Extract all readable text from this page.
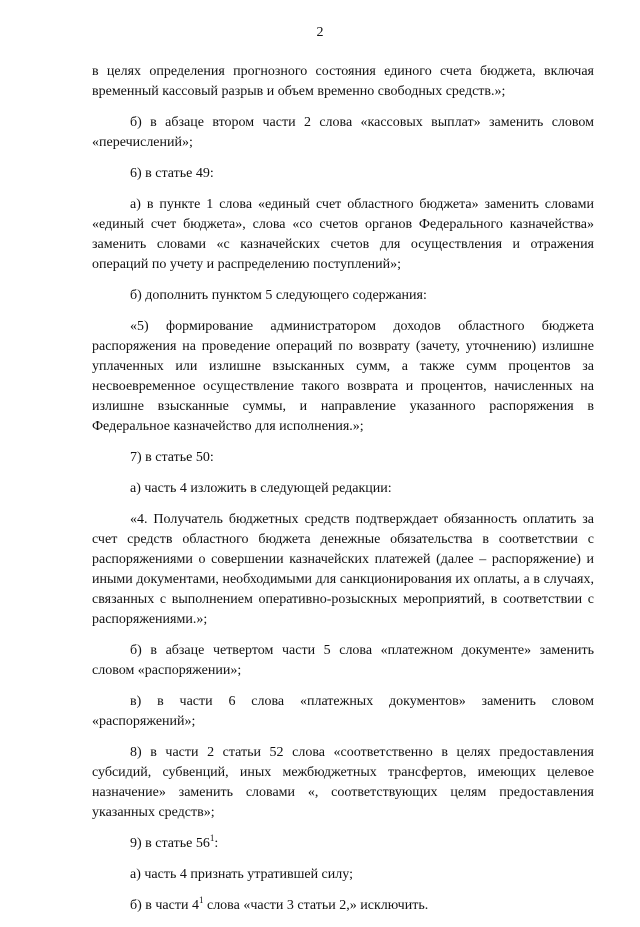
2

в целях определения прогнозного состояния единого счета бюджета, включая временный кассовый разрыв и объем временно свободных средств.»;

б) в абзаце втором части 2 слова «кассовых выплат» заменить словом «перечислений»;

6) в статье 49:

а) в пункте 1 слова «единый счет областного бюджета» заменить словами «единый счет бюджета», слова «со счетов органов Федерального казначейства» заменить словами «с казначейских счетов для осуществления и отражения операций по учету и распределению поступлений»;

б) дополнить пунктом 5 следующего содержания:

«5) формирование администратором доходов областного бюджета распоряжения на проведение операций по возврату (зачету, уточнению) излишне уплаченных или излишне взысканных сумм, а также сумм процентов за несвоевременное осуществление такого возврата и процентов, начисленных на излишне взысканные суммы, и направление указанного распоряжения в Федеральное казначейство для исполнения.»;

7) в статье 50:

а) часть 4 изложить в следующей редакции:

«4. Получатель бюджетных средств подтверждает обязанность оплатить за счет средств областного бюджета денежные обязательства в соответствии с распоряжениями о совершении казначейских платежей (далее – распоряжение) и иными документами, необходимыми для санкционирования их оплаты, а в случаях, связанных с выполнением оперативно-розыскных мероприятий, в соответствии с распоряжениями.»;

б) в абзаце четвертом части 5 слова «платежном документе» заменить словом «распоряжении»;

в) в части 6 слова «платежных документов» заменить словом «распоряжений»;

8) в части 2 статьи 52 слова «соответственно в целях предоставления субсидий, субвенций, иных межбюджетных трансфертов, имеющих целевое назначение» заменить словами «, соответствующих целям предоставления указанных средств»;

9) в статье $56^1$:

а) часть 4 признать утратившей силу;

б) в части $4^1$ слова «части 3 статьи 2,» исключить.
